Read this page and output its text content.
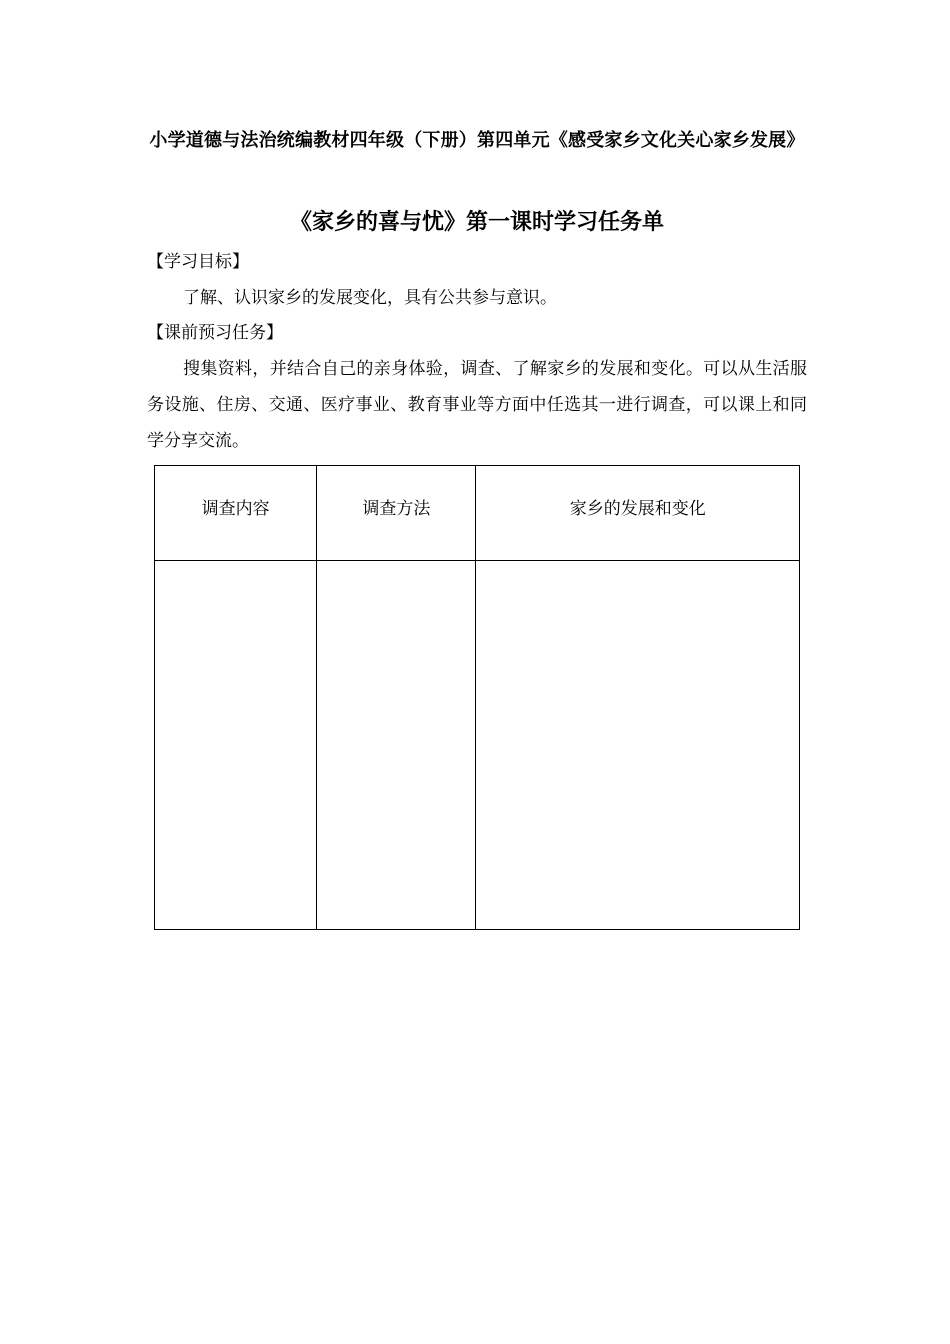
小学道德与法治统编教材四年级（下册）第四单元《感受家乡文化关心家乡发展》
《家乡的喜与忧》第一课时学习任务单
【学习目标】
了解、认识家乡的发展变化，具有公共参与意识。
【课前预习任务】
搜集资料，并结合自己的亲身体验，调查、了解家乡的发展和变化。可以从生活服务设施、住房、交通、医疗事业、教育事业等方面中任选其一进行调查，可以课上和同学分享交流。
调查内容	调查方法	家乡的发展和变化
